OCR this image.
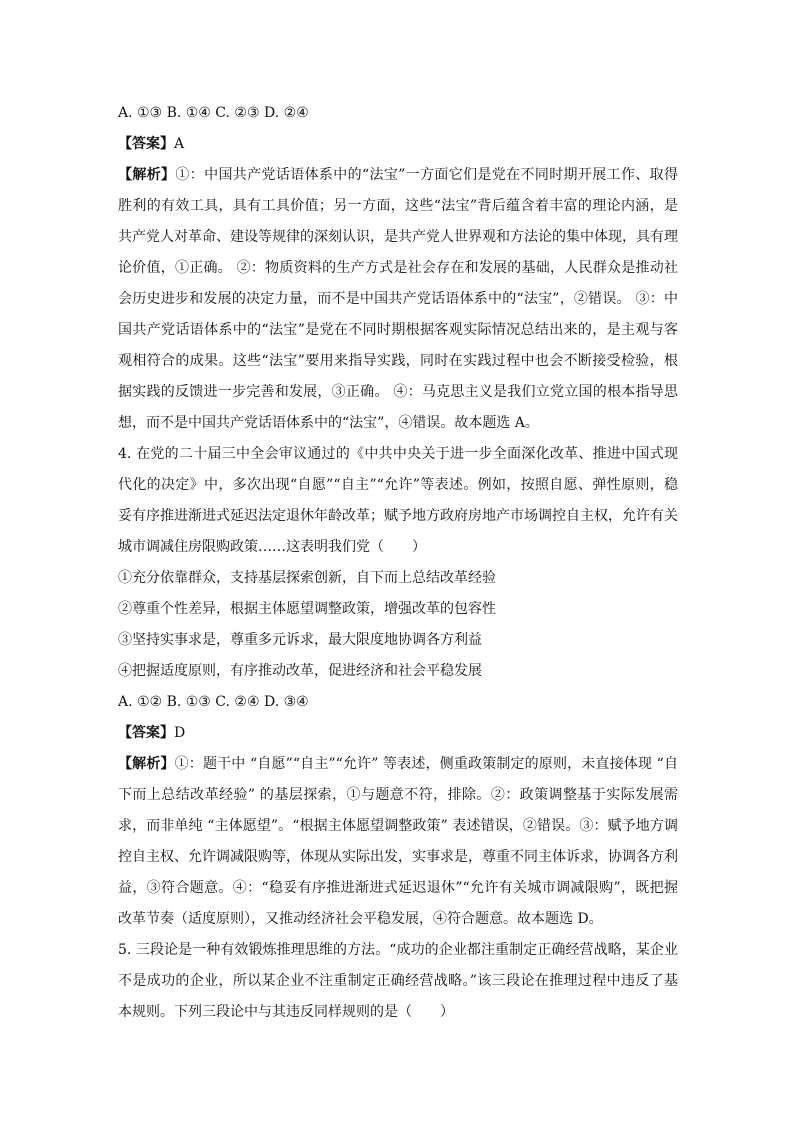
A. ①③ B. ①④ C. ②③ D. ②④
【答案】A
【解析】①：中国共产党话语体系中的“法宝”一方面它们是党在不同时期开展工作、取得胜利的有效工具，具有工具价值；另一方面，这些“法宝”背后蕴含着丰富的理论内涵，是共产党人对革命、建设等规律的深刻认识，是共产党人世界观和方法论的集中体现，具有理论价值，①正确。 ②：物质资料的生产方式是社会存在和发展的基础，人民群众是推动社会历史进步和发展的决定力量，而不是中国共产党话语体系中的“法宝”，②错误。 ③：中国共产党话语体系中的“法宝”是党在不同时期根据客观实际情况总结出来的，是主观与客观相符合的成果。这些“法宝”要用来指导实践，同时在实践过程中也会不断接受检验，根据实践的反馈进一步完善和发展，③正确。 ④：马克思主义是我们立党立国的根本指导思想，而不是中国共产党话语体系中的“法宝”，④错误。故本题选 A。
4. 在党的二十届三中全会审议通过的《中共中央关于进一步全面深化改革、推进中国式现代化的决定》中，多次出现“自愿”“自主”“允许”等表述。例如，按照自愿、弹性原则，稳妥有序推进渐进式延迟法定退休年龄改革；赋予地方政府房地产市场调控自主权，允许有关城市调减住房限购政策……这表明我们党（　　）
①充分依靠群众，支持基层探索创新，自下而上总结改革经验
②尊重个性差异，根据主体愿望调整政策，增强改革的包容性
③坚持实事求是，尊重多元诉求，最大限度地协调各方利益
④把握适度原则，有序推动改革，促进经济和社会平稳发展
A. ①② B. ①③ C. ②④ D. ③④
【答案】D
【解析】①：题干中 “自愿”“自主”“允许” 等表述，侧重政策制定的原则，未直接体现 “自下而上总结改革经验” 的基层探索，①与题意不符，排除。②：政策调整基于实际发展需求，而非单纯 “主体愿望”。“根据主体愿望调整政策” 表述错误，②错误。③：赋予地方调控自主权、允许调减限购等，体现从实际出发，实事求是，尊重不同主体诉求，协调各方利益，③符合题意。④：“稳妥有序推进渐进式延迟退休”“允许有关城市调减限购”，既把握改革节奏（适度原则），又推动经济社会平稳发展，④符合题意。故本题选 D。
5. 三段论是一种有效锻炼推理思维的方法。“成功的企业都注重制定正确经营战略，某企业不是成功的企业，所以某企业不注重制定正确经营战略。”该三段论在推理过程中违反了基本规则。下列三段论中与其违反同样规则的是（　　）
